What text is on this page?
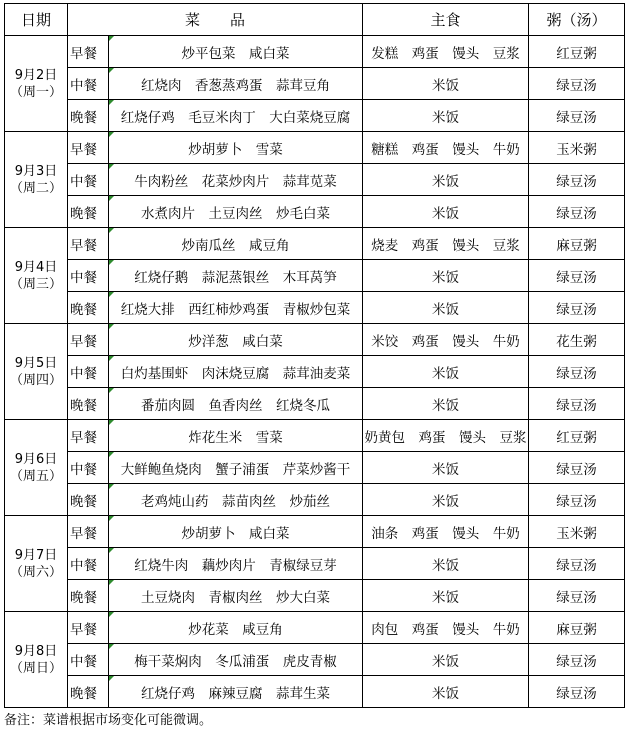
日期	菜　　品		主食	粥（汤）

9月2日
（周一）	早餐	炒平包菜　咸白菜	发糕　鸡蛋　馒头　豆浆	红豆粥
	中餐	红烧肉　香葱蒸鸡蛋　蒜茸豆角	米饭	绿豆汤
	晚餐	红烧仔鸡　毛豆米肉丁　大白菜烧豆腐	米饭	绿豆汤

9月3日
（周二）	早餐	炒胡萝卜　雪菜	糖糕　鸡蛋　馒头　牛奶	玉米粥
	中餐	牛肉粉丝　花菜炒肉片　蒜茸苋菜	米饭	绿豆汤
	晚餐	水煮肉片　土豆肉丝　炒毛白菜	米饭	绿豆汤

9月4日
（周三）	早餐	炒南瓜丝　咸豆角	烧麦　鸡蛋　馒头　豆浆	麻豆粥
	中餐	红烧仔鹅　蒜泥蒸银丝　木耳莴笋	米饭	绿豆汤
	晚餐	红烧大排　西红柿炒鸡蛋　青椒炒包菜	米饭	绿豆汤

9月5日
（周四）	早餐	炒洋葱　咸白菜	米饺　鸡蛋　馒头　牛奶	花生粥
	中餐	白灼基围虾　肉沫烧豆腐　蒜茸油麦菜	米饭	绿豆汤
	晚餐	番茄肉圆　鱼香肉丝　红烧冬瓜	米饭	绿豆汤

9月6日
（周五）	早餐	炸花生米　雪菜	奶黄包　鸡蛋　馒头　豆浆	红豆粥
	中餐	大鲜鲍鱼烧肉　蟹子浦蛋　芹菜炒酱干	米饭	绿豆汤
	晚餐	老鸡炖山药　蒜苗肉丝　炒茄丝	米饭	绿豆汤

9月7日
（周六）	早餐	炒胡萝卜　咸白菜	油条　鸡蛋　馒头　牛奶	玉米粥
	中餐	红烧牛肉　藕炒肉片　青椒绿豆芽	米饭	绿豆汤
	晚餐	土豆烧肉　青椒肉丝　炒大白菜	米饭	绿豆汤

9月8日
（周日）	早餐	炒花菜　咸豆角	肉包　鸡蛋　馒头　牛奶	麻豆粥
	中餐	梅干菜焖肉　冬瓜浦蛋　虎皮青椒	米饭	绿豆汤
	晚餐	红烧仔鸡　麻辣豆腐　蒜茸生菜	米饭	绿豆汤
备注：菜谱根据市场变化可能微调。
